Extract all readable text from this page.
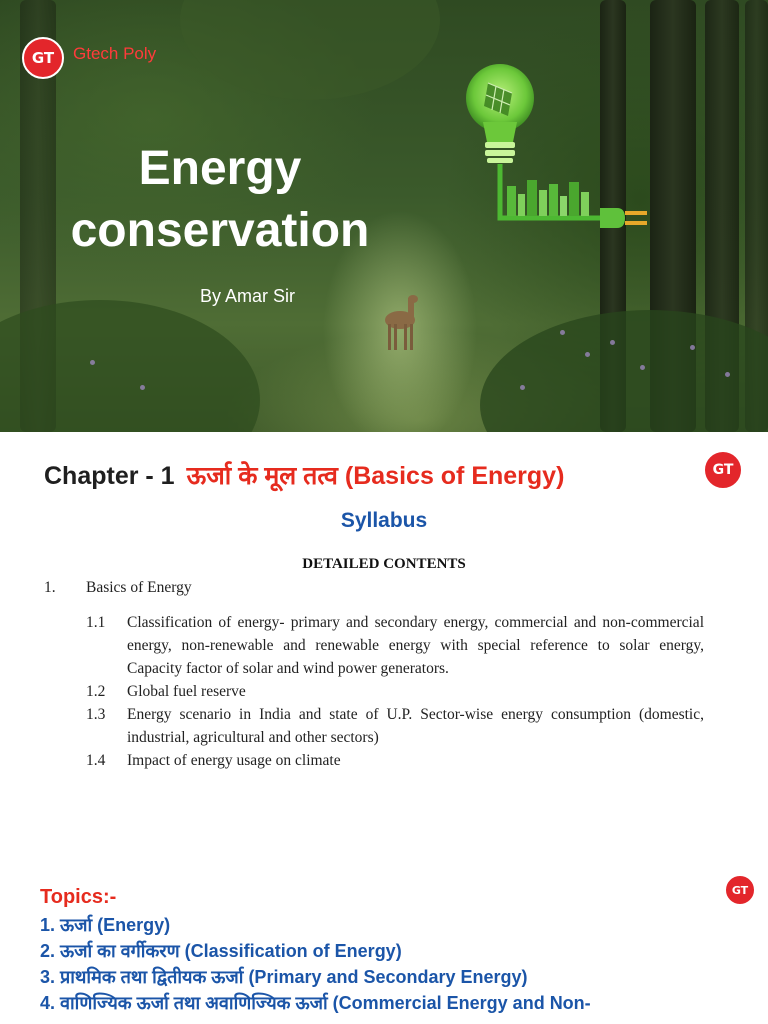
GT	Gtech Poly
Energy
conservation
By Amar Sir
Chapter - 1 ऊर्जा के मूल तत्व (Basics of Energy)	GT
Syllabus
DETAILED CONTENTS
1. Basics of Energy
1.1 Classification of energy- primary and secondary energy, commercial and non-commercial energy, non-renewable and renewable energy with special reference to solar energy, Capacity factor of solar and wind power generators.
1.2 Global fuel reserve
1.3 Energy scenario in India and state of U.P. Sector-wise energy consumption (domestic, industrial, agricultural and other sectors)
1.4 Impact of energy usage on climate
Topics:-	GT
1. ऊर्जा (Energy)
2. ऊर्जा का वर्गीकरण (Classification of Energy)
3. प्राथमिक तथा द्वितीयक ऊर्जा (Primary and Secondary Energy)
4. वाणिज्यिक ऊर्जा तथा अवाणिज्यिक ऊर्जा (Commercial Energy and Non-
